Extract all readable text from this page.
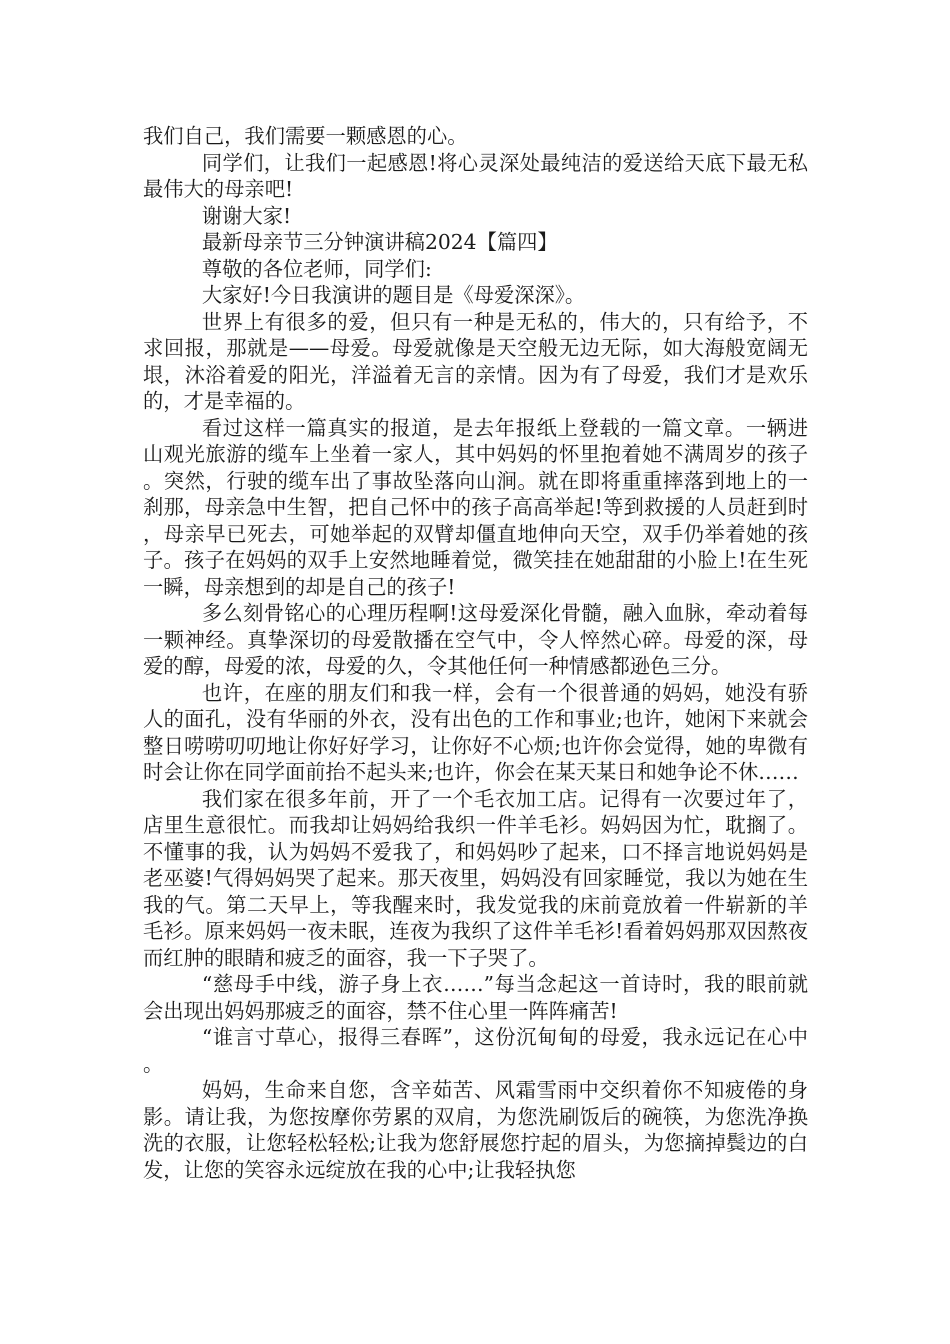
我们自己，我们需要一颗感恩的心。

同学们，让我们一起感恩!将心灵深处最纯洁的爱送给天底下最无私最伟大的母亲吧!

谢谢大家!

最新母亲节三分钟演讲稿2024【篇四】

尊敬的各位老师，同学们:

大家好!今日我演讲的题目是《母爱深深》。

世界上有很多的爱，但只有一种是无私的，伟大的，只有给予，不求回报，那就是——母爱。母爱就像是天空般无边无际，如大海般宽阔无垠，沐浴着爱的阳光，洋溢着无言的亲情。因为有了母爱，我们才是欢乐的，才是幸福的。

看过这样一篇真实的报道，是去年报纸上登载的一篇文章。一辆进山观光旅游的缆车上坐着一家人，其中妈妈的怀里抱着她不满周岁的孩子。突然，行驶的缆车出了事故坠落向山涧。就在即将重重摔落到地上的一刹那，母亲急中生智，把自己怀中的孩子高高举起!等到救援的人员赶到时，母亲早已死去，可她举起的双臂却僵直地伸向天空，双手仍举着她的孩子。孩子在妈妈的双手上安然地睡着觉，微笑挂在她甜甜的小脸上!在生死一瞬，母亲想到的却是自己的孩子!

多么刻骨铭心的心理历程啊!这母爱深化骨髓，融入血脉，牵动着每一颗神经。真挚深切的母爱散播在空气中，令人悴然心碎。母爱的深，母爱的醇，母爱的浓，母爱的久，令其他任何一种情感都逊色三分。

也许，在座的朋友们和我一样，会有一个很普通的妈妈，她没有骄人的面孔，没有华丽的外衣，没有出色的工作和事业;也许，她闲下来就会整日唠唠叨叨地让你好好学习，让你好不心烦;也许你会觉得，她的卑微有时会让你在同学面前抬不起头来;也许，你会在某天某日和她争论不休……

我们家在很多年前，开了一个毛衣加工店。记得有一次要过年了，店里生意很忙。而我却让妈妈给我织一件羊毛衫。妈妈因为忙，耽搁了。不懂事的我，认为妈妈不爱我了，和妈妈吵了起来，口不择言地说妈妈是老巫婆!气得妈妈哭了起来。那天夜里，妈妈没有回家睡觉，我以为她在生我的气。第二天早上，等我醒来时，我发觉我的床前竟放着一件崭新的羊毛衫。原来妈妈一夜未眠，连夜为我织了这件羊毛衫!看着妈妈那双因熬夜而红肿的眼睛和疲乏的面容，我一下子哭了。

“慈母手中线，游子身上衣……”每当念起这一首诗时，我的眼前就会出现出妈妈那疲乏的面容，禁不住心里一阵阵痛苦!

“谁言寸草心，报得三春晖”，这份沉甸甸的母爱，我永远记在心中。

妈妈，生命来自您，含辛茹苦、风霜雪雨中交织着你不知疲倦的身影。请让我，为您按摩你劳累的双肩，为您洗刷饭后的碗筷，为您洗净换洗的衣服，让您轻松轻松;让我为您舒展您拧起的眉头，为您摘掉鬓边的白发，让您的笑容永远绽放在我的心中;让我轻执您
